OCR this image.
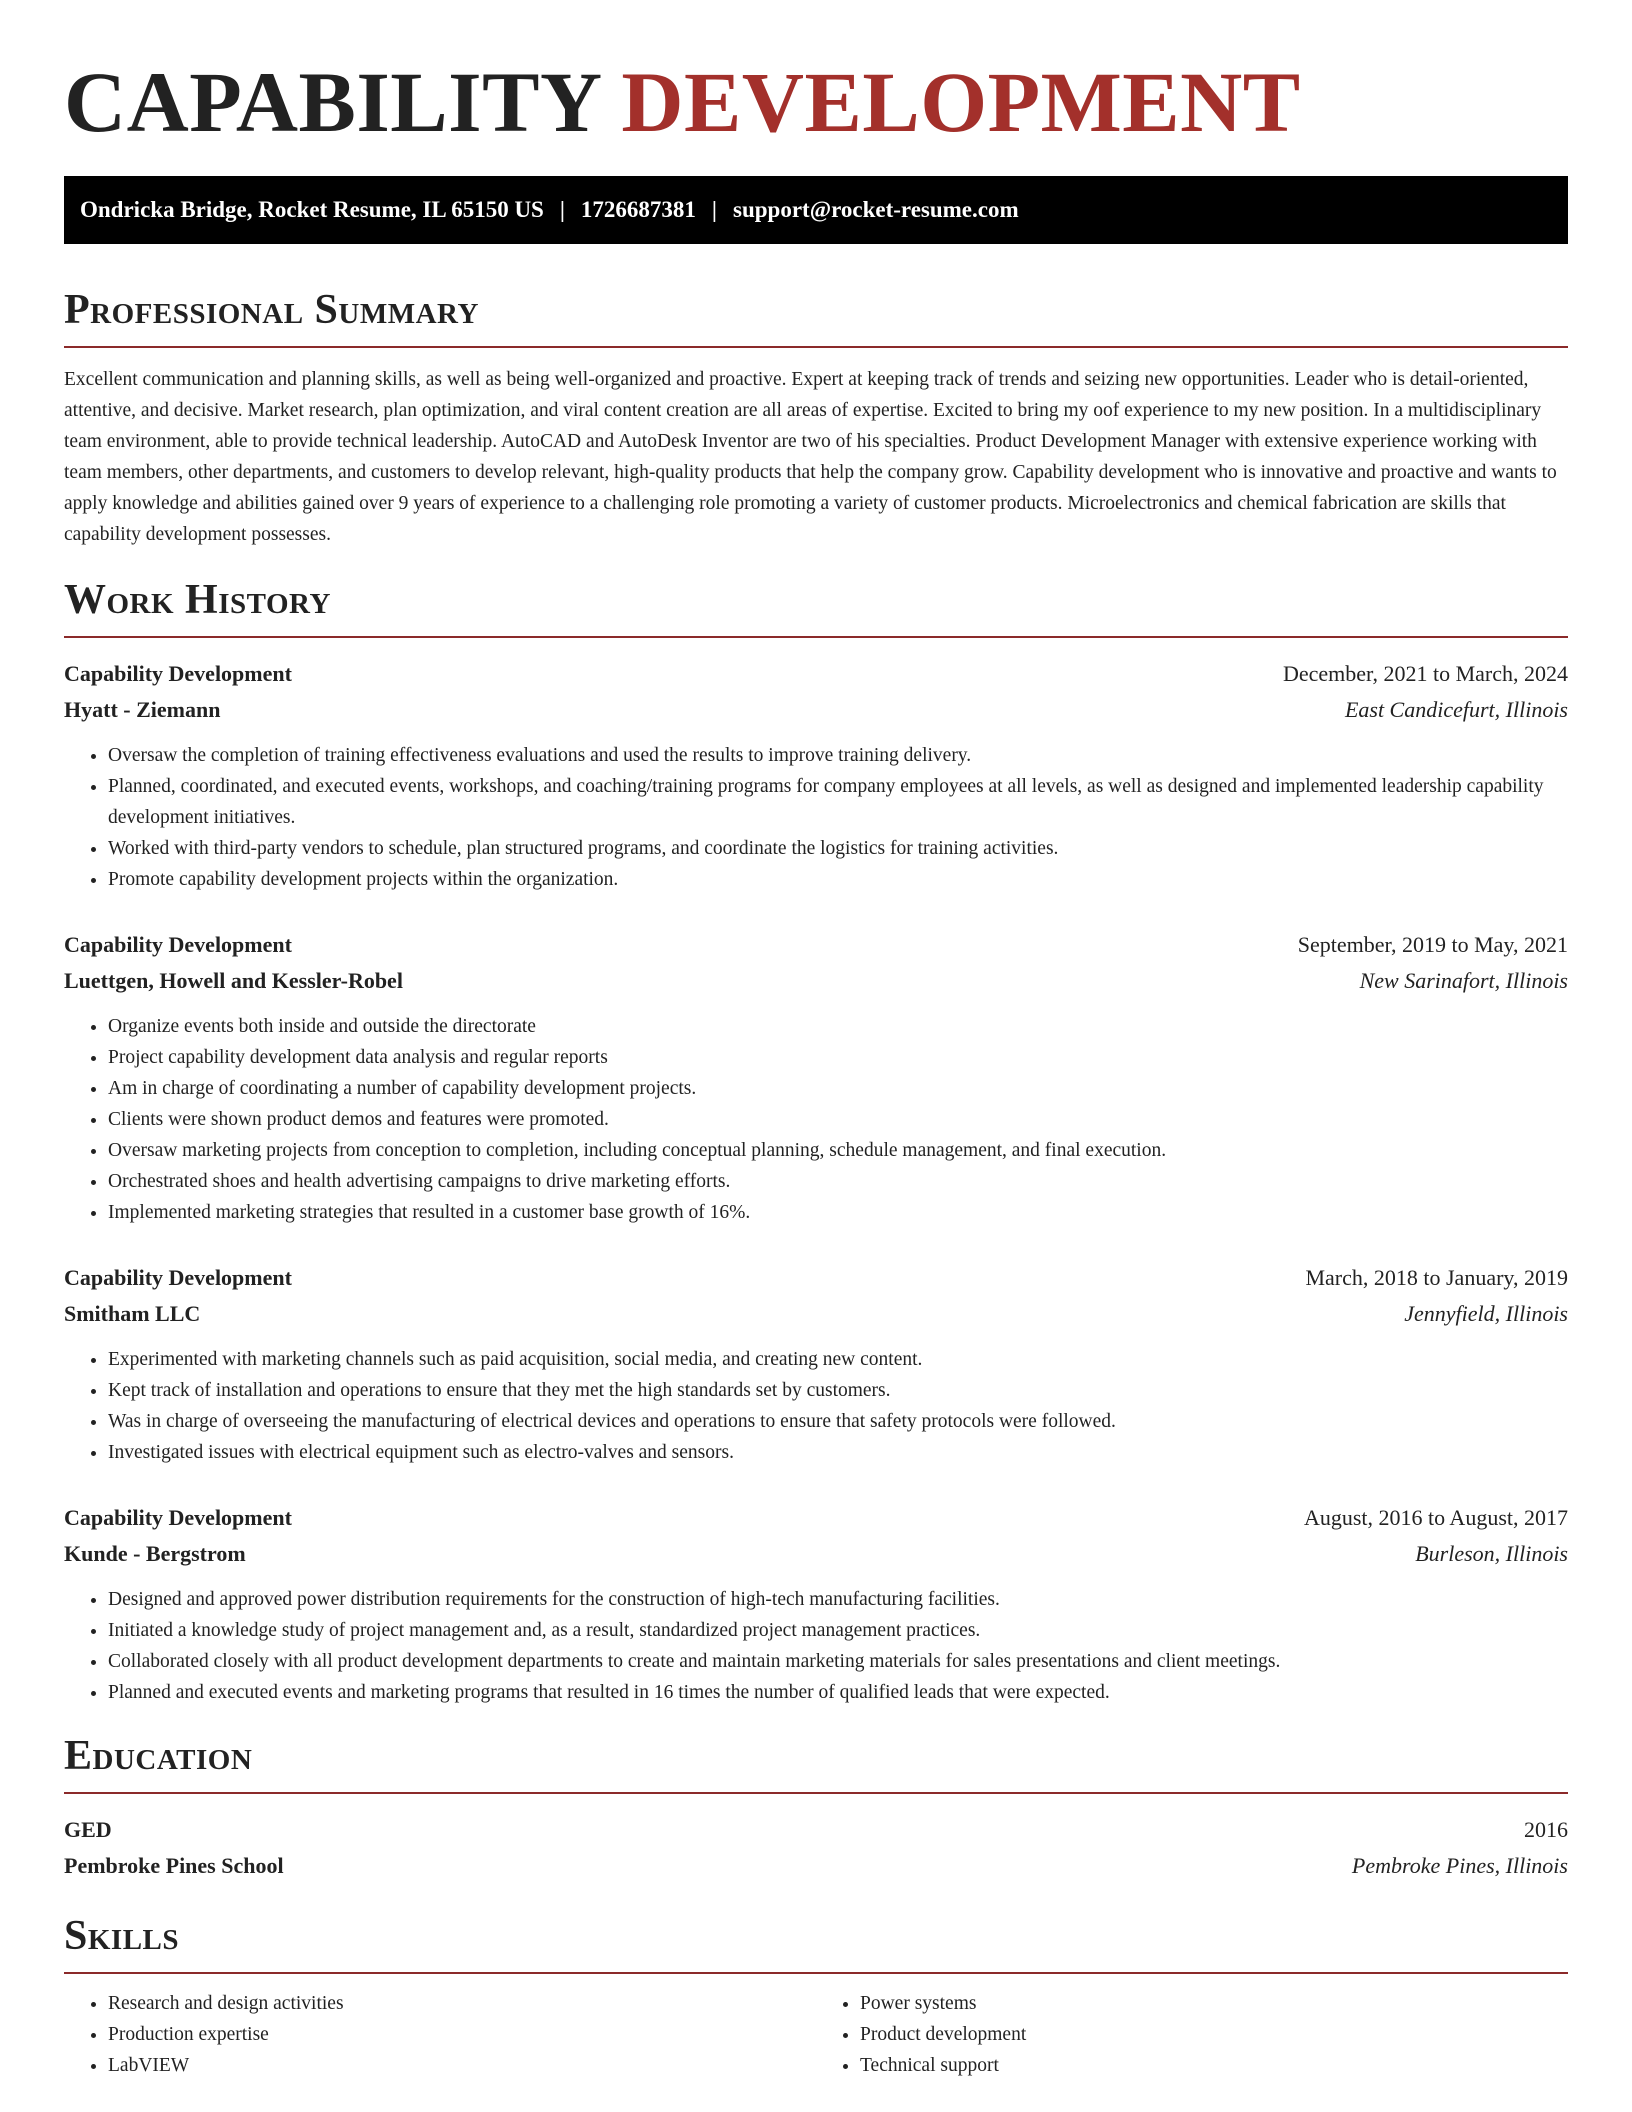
CAPABILITY DEVELOPMENT
Ondricka Bridge, Rocket Resume, IL 65150 US | 1726687381 | support@rocket-resume.com
Professional Summary

Excellent communication and planning skills, as well as being well-organized and proactive. Expert at keeping track of trends and seizing new opportunities. Leader who is detail-oriented, attentive, and decisive. Market research, plan optimization, and viral content creation are all areas of expertise. Excited to bring my oof experience to my new position. In a multidisciplinary team environment, able to provide technical leadership. AutoCAD and AutoDesk Inventor are two of his specialties. Product Development Manager with extensive experience working with team members, other departments, and customers to develop relevant, high-quality products that help the company grow. Capability development who is innovative and proactive and wants to apply knowledge and abilities gained over 9 years of experience to a challenging role promoting a variety of customer products. Microelectronics and chemical fabrication are skills that capability development possesses.

Work History
Capability Development	December, 2021 to March, 2024
Hyatt - Ziemann	East Candicefurt, Illinois
• Oversaw the completion of training effectiveness evaluations and used the results to improve training delivery.
• Planned, coordinated, and executed events, workshops, and coaching/training programs for company employees at all levels, as well as designed and implemented leadership capability development initiatives.
• Worked with third-party vendors to schedule, plan structured programs, and coordinate the logistics for training activities.
• Promote capability development projects within the organization.
Capability Development	September, 2019 to May, 2021
Luettgen, Howell and Kessler-Robel	New Sarinafort, Illinois
• Organize events both inside and outside the directorate
• Project capability development data analysis and regular reports
• Am in charge of coordinating a number of capability development projects.
• Clients were shown product demos and features were promoted.
• Oversaw marketing projects from conception to completion, including conceptual planning, schedule management, and final execution.
• Orchestrated shoes and health advertising campaigns to drive marketing efforts.
• Implemented marketing strategies that resulted in a customer base growth of 16%.
Capability Development	March, 2018 to January, 2019
Smitham LLC	Jennyfield, Illinois
• Experimented with marketing channels such as paid acquisition, social media, and creating new content.
• Kept track of installation and operations to ensure that they met the high standards set by customers.
• Was in charge of overseeing the manufacturing of electrical devices and operations to ensure that safety protocols were followed.
• Investigated issues with electrical equipment such as electro-valves and sensors.
Capability Development	August, 2016 to August, 2017
Kunde - Bergstrom	Burleson, Illinois
• Designed and approved power distribution requirements for the construction of high-tech manufacturing facilities.
• Initiated a knowledge study of project management and, as a result, standardized project management practices.
• Collaborated closely with all product development departments to create and maintain marketing materials for sales presentations and client meetings.
• Planned and executed events and marketing programs that resulted in 16 times the number of qualified leads that were expected.
Education
GED	2016
Pembroke Pines School	Pembroke Pines, Illinois
Skills
• Research and design activities
• Production expertise
• LabVIEW
• Power systems
• Product development
• Technical support
